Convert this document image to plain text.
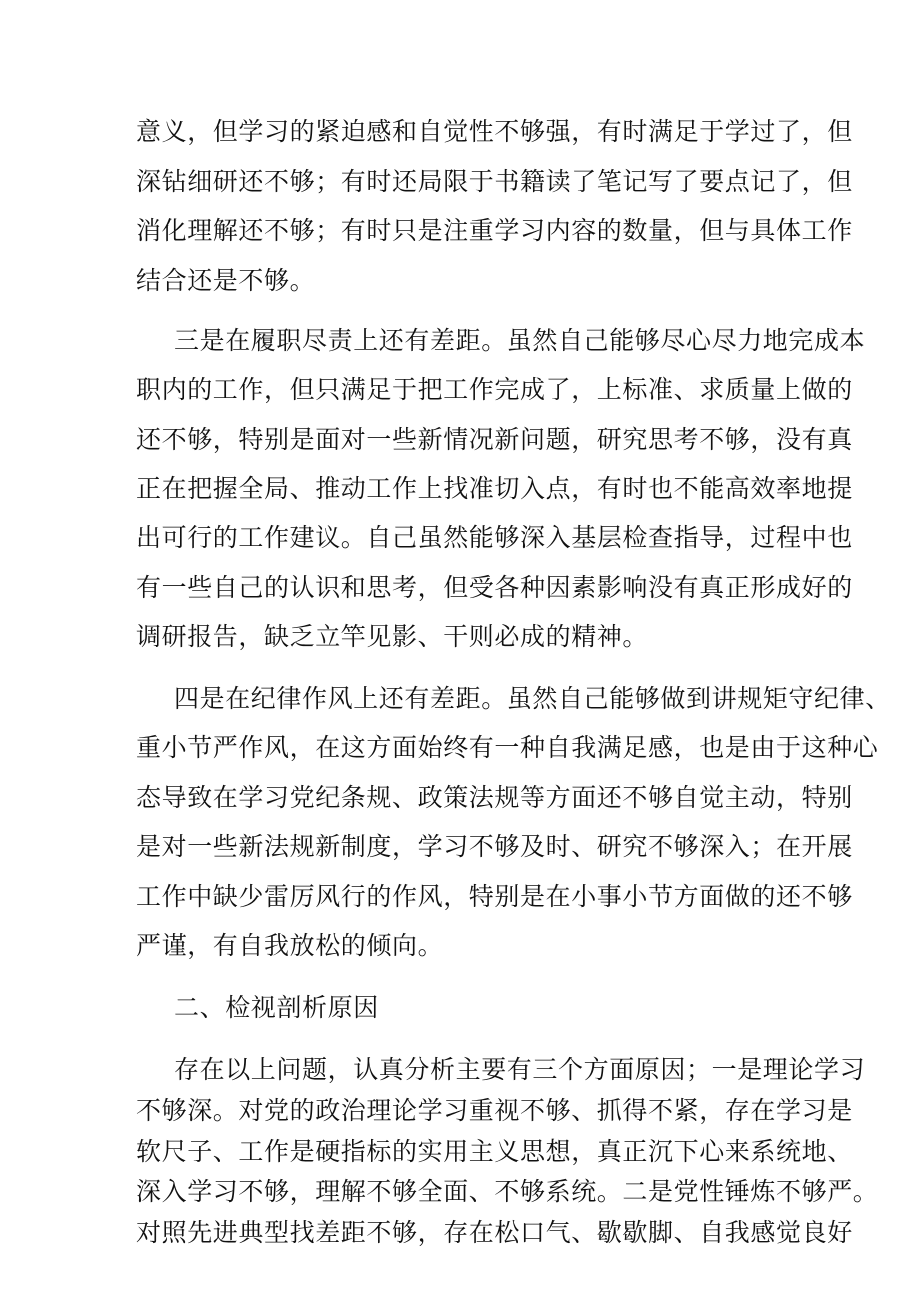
意义，但学习的紧迫感和自觉性不够强，有时满足于学过了，但
深钻细研还不够；有时还局限于书籍读了笔记写了要点记了，但
消化理解还不够；有时只是注重学习内容的数量，但与具体工作
结合还是不够。
三是在履职尽责上还有差距。虽然自己能够尽心尽力地完成本
职内的工作，但只满足于把工作完成了，上标准、求质量上做的
还不够，特别是面对一些新情况新问题，研究思考不够，没有真
正在把握全局、推动工作上找准切入点，有时也不能高效率地提
出可行的工作建议。自己虽然能够深入基层检查指导，过程中也
有一些自己的认识和思考，但受各种因素影响没有真正形成好的
调研报告，缺乏立竿见影、干则必成的精神。
四是在纪律作风上还有差距。虽然自己能够做到讲规矩守纪律、
重小节严作风，在这方面始终有一种自我满足感，也是由于这种心
态导致在学习党纪条规、政策法规等方面还不够自觉主动，特别
是对一些新法规新制度，学习不够及时、研究不够深入；在开展
工作中缺少雷厉风行的作风，特别是在小事小节方面做的还不够
严谨，有自我放松的倾向。
二、检视剖析原因
存在以上问题，认真分析主要有三个方面原因；一是理论学习
不够深。对党的政治理论学习重视不够、抓得不紧，存在学习是
软尺子、工作是硬指标的实用主义思想，真正沉下心来系统地、
深入学习不够，理解不够全面、不够系统。二是党性锤炼不够严。
对照先进典型找差距不够，存在松口气、歇歇脚、自我感觉良好
